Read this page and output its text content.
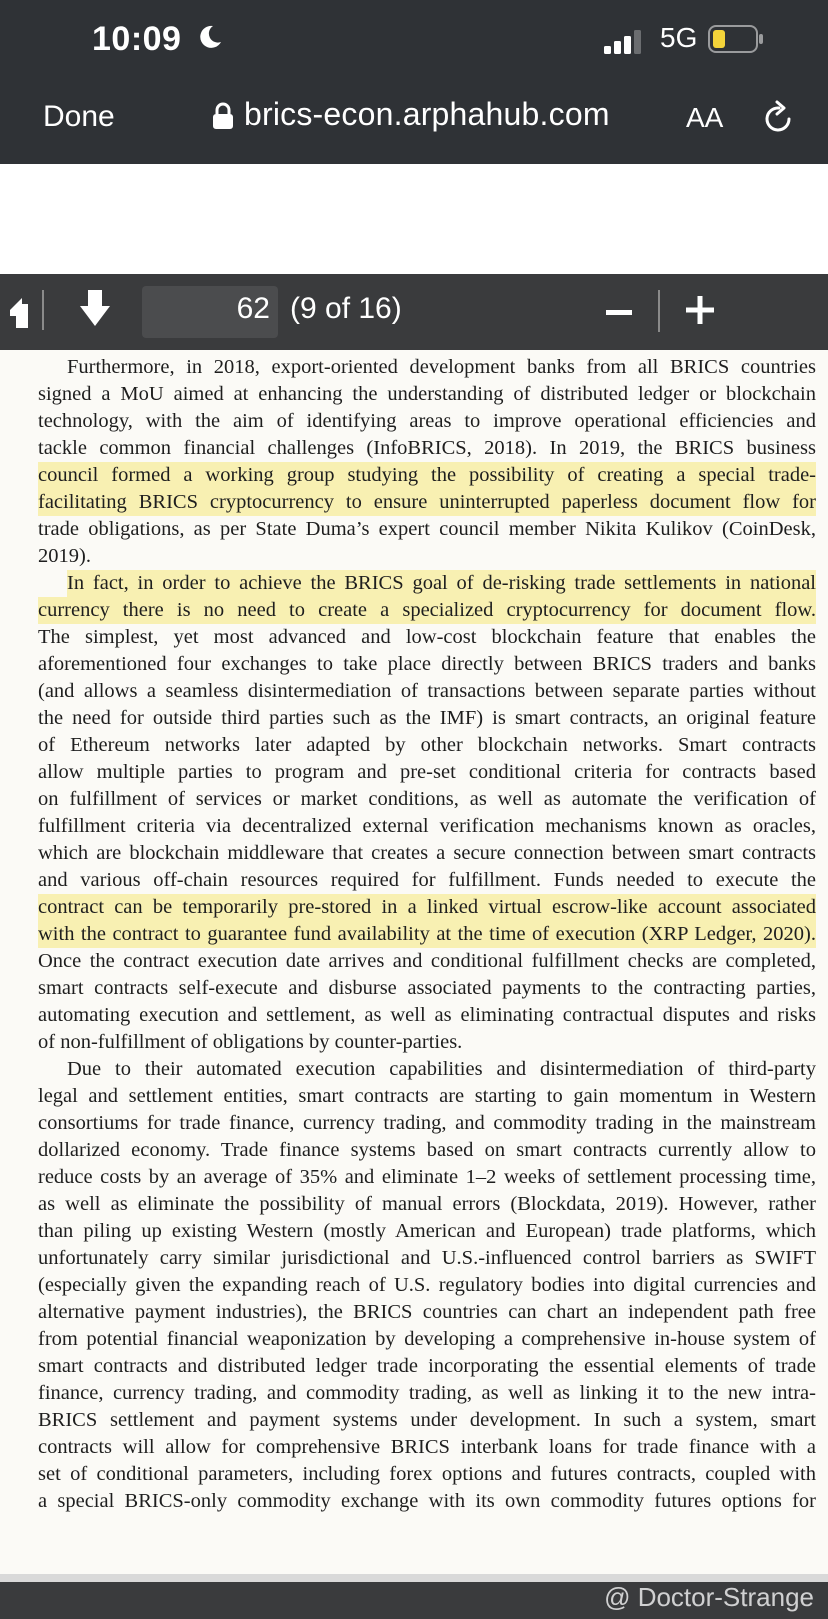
10:09	5G
Done	brics-econ.arphahub.com	AA
62 (9 of 16)
Furthermore, in 2018, export-oriented development banks from all BRICS countries
signed a MoU aimed at enhancing the understanding of distributed ledger or blockchain
technology, with the aim of identifying areas to improve operational efficiencies and
tackle common financial challenges (InfoBRICS, 2018). In 2019, the BRICS business
council formed a working group studying the possibility of creating a special trade-
facilitating BRICS cryptocurrency to ensure uninterrupted paperless document flow for
trade obligations, as per State Duma’s expert council member Nikita Kulikov (CoinDesk,
2019).
In fact, in order to achieve the BRICS goal of de-risking trade settlements in national
currency there is no need to create a specialized cryptocurrency for document flow.
The simplest, yet most advanced and low-cost blockchain feature that enables the
aforementioned four exchanges to take place directly between BRICS traders and banks
(and allows a seamless disintermediation of transactions between separate parties without
the need for outside third parties such as the IMF) is smart contracts, an original feature
of Ethereum networks later adapted by other blockchain networks. Smart contracts
allow multiple parties to program and pre-set conditional criteria for contracts based
on fulfillment of services or market conditions, as well as automate the verification of
fulfillment criteria via decentralized external verification mechanisms known as oracles,
which are blockchain middleware that creates a secure connection between smart contracts
and various off-chain resources required for fulfillment. Funds needed to execute the
contract can be temporarily pre-stored in a linked virtual escrow-like account associated
with the contract to guarantee fund availability at the time of execution (XRP Ledger, 2020).
Once the contract execution date arrives and conditional fulfillment checks are completed,
smart contracts self-execute and disburse associated payments to the contracting parties,
automating execution and settlement, as well as eliminating contractual disputes and risks
of non-fulfillment of obligations by counter-parties.
Due to their automated execution capabilities and disintermediation of third-party
legal and settlement entities, smart contracts are starting to gain momentum in Western
consortiums for trade finance, currency trading, and commodity trading in the mainstream
dollarized economy. Trade finance systems based on smart contracts currently allow to
reduce costs by an average of 35% and eliminate 1–2 weeks of settlement processing time,
as well as eliminate the possibility of manual errors (Blockdata, 2019). However, rather
than piling up existing Western (mostly American and European) trade platforms, which
unfortunately carry similar jurisdictional and U.S.-influenced control barriers as SWIFT
(especially given the expanding reach of U.S. regulatory bodies into digital currencies and
alternative payment industries), the BRICS countries can chart an independent path free
from potential financial weaponization by developing a comprehensive in-house system of
smart contracts and distributed ledger trade incorporating the essential elements of trade
finance, currency trading, and commodity trading, as well as linking it to the new intra-
BRICS settlement and payment systems under development. In such a system, smart
contracts will allow for comprehensive BRICS interbank loans for trade finance with a
set of conditional parameters, including forex options and futures contracts, coupled with
a special BRICS-only commodity exchange with its own commodity futures options for
@ Doctor-Strange
